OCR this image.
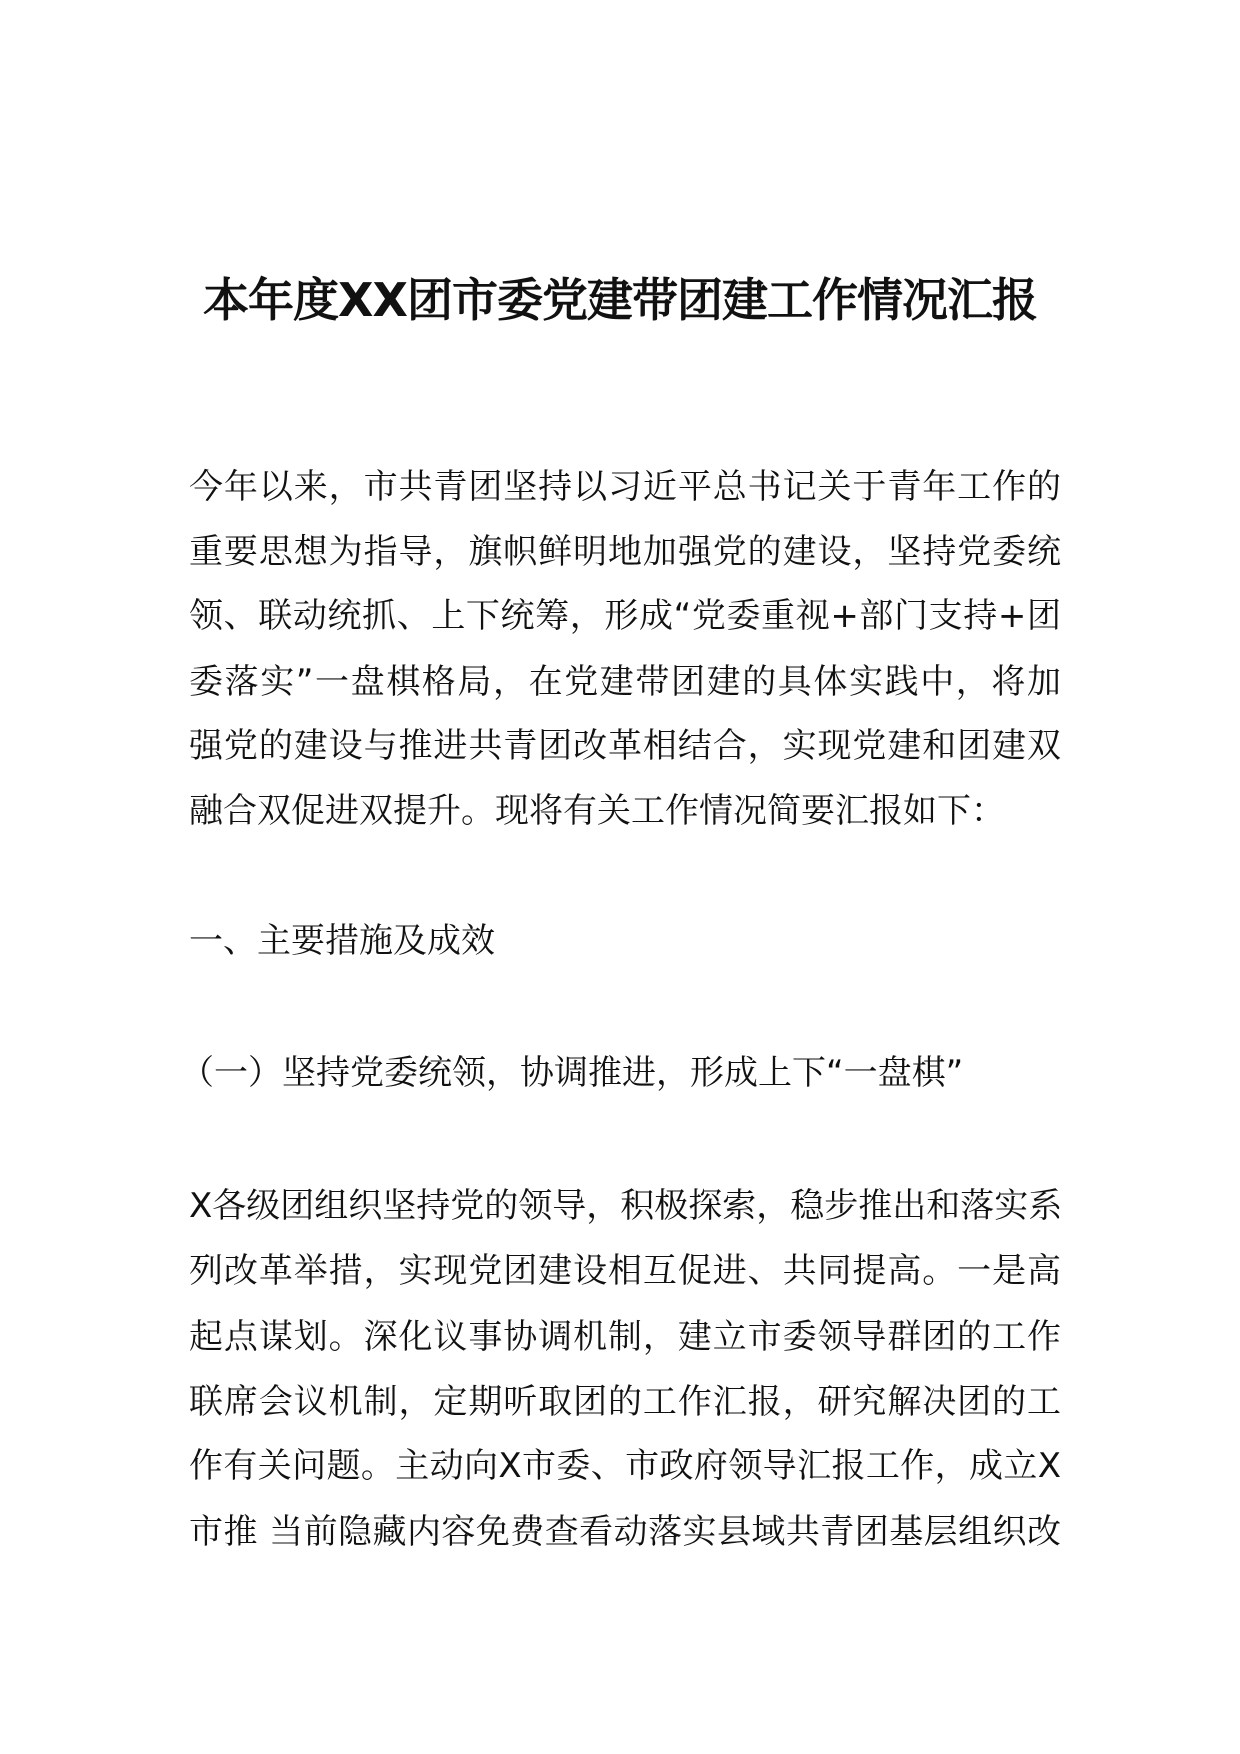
本年度XX团市委党建带团建工作情况汇报
今年以来，市共青团坚持以习近平总书记关于青年工作的
重要思想为指导，旗帜鲜明地加强党的建设，坚持党委统
领、联动统抓、上下统筹，形成“党委重视+部门支持+团
委落实”一盘棋格局，在党建带团建的具体实践中，将加
强党的建设与推进共青团改革相结合，实现党建和团建双
融合双促进双提升。现将有关工作情况简要汇报如下：
一、主要措施及成效
（一）坚持党委统领，协调推进，形成上下“一盘棋”
X各级团组织坚持党的领导，积极探索，稳步推出和落实系
列改革举措，实现党团建设相互促进、共同提高。一是高
起点谋划。深化议事协调机制，建立市委领导群团的工作
联席会议机制，定期听取团的工作汇报，研究解决团的工
作有关问题。主动向X市委、市政府领导汇报工作，成立X
市推 当前隐藏内容免费查看动落实县域共青团基层组织改
